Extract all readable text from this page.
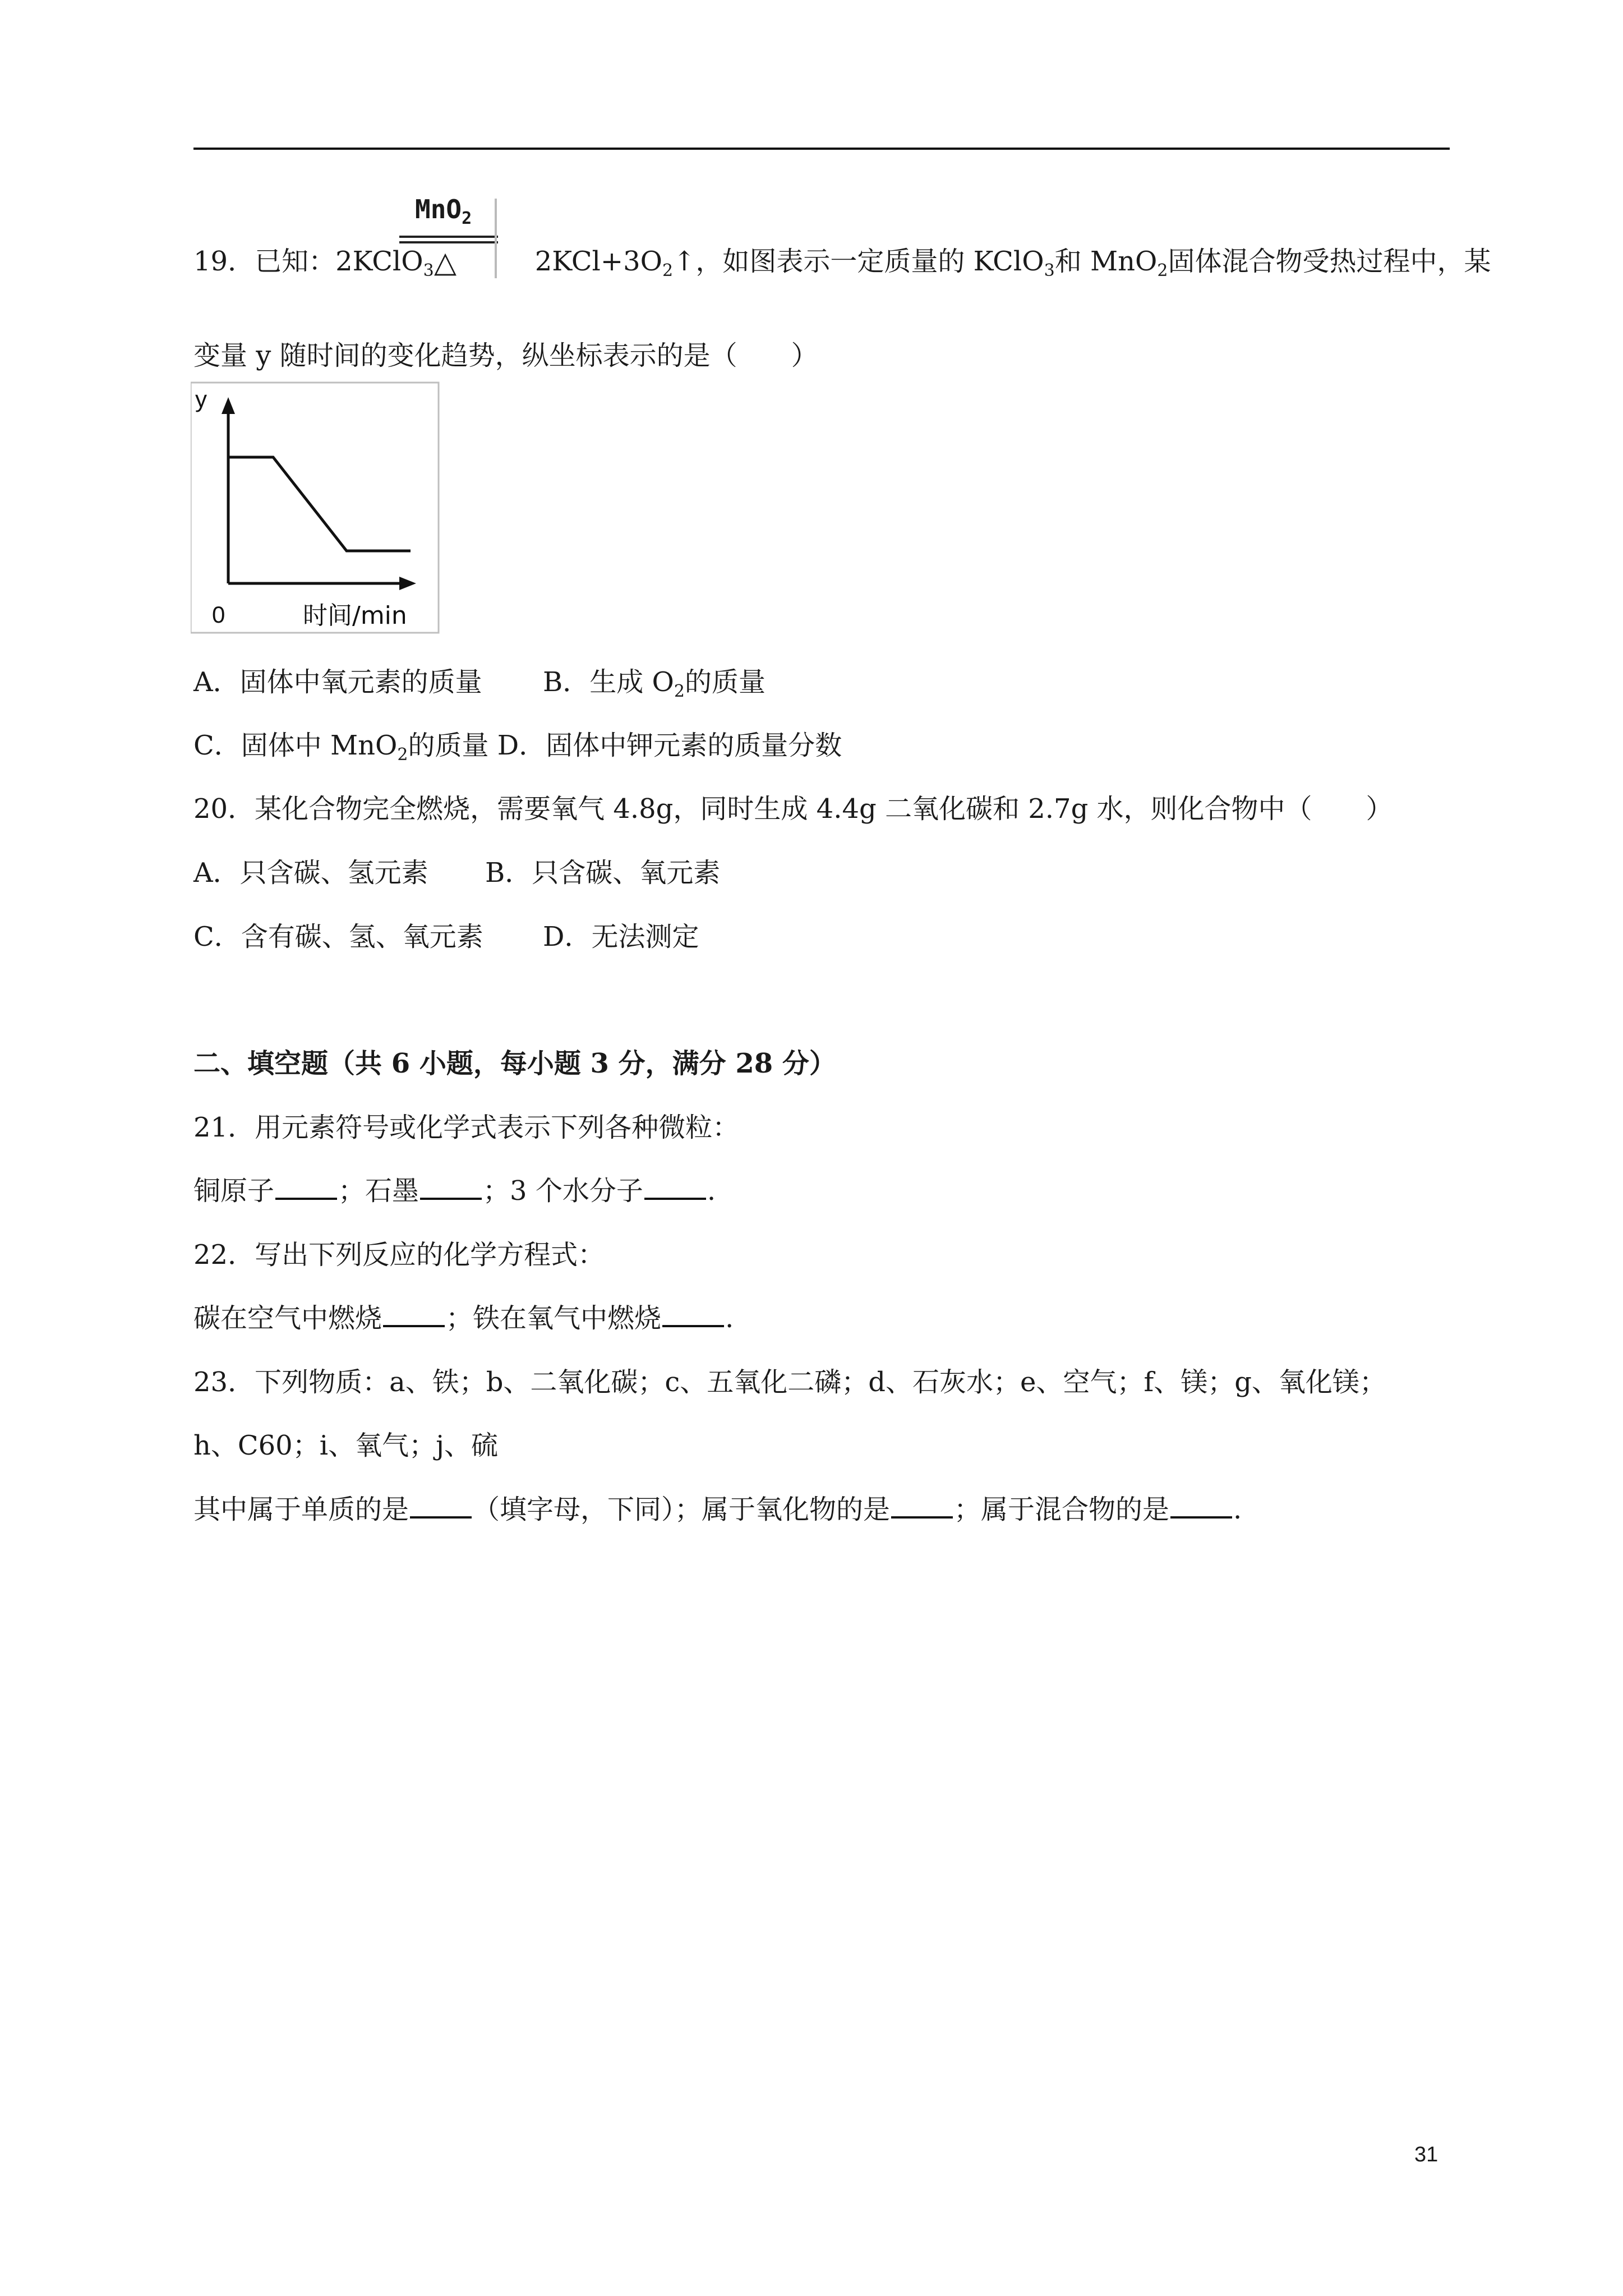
19．已知：2KClO$_3$	$2KCl+3O_2↑$，如图表示一定质量的 KClO$_3$和 MnO$_2$固体混合物受热过程中，某
MnO$_2$
△
变量 y 随时间的变化趋势，纵坐标表示的是（　　）
y
0	时间/min
A．固体中氧元素的质量 B．生成 $O_2$的质量
C．固体中 MnO$_2$的质量 D．固体中钾元素的质量分数
20．某化合物完全燃烧，需要氧气 4.8g，同时生成 4.4g 二氧化碳和 2.7g 水，则化合物中（　　）
A．只含碳、氢元素 B．只含碳、氧元素
C．含有碳、氢、氧元素 D．无法测定
二、填空题（共 6 小题，每小题 3 分，满分 28 分）
21．用元素符号或化学式表示下列各种微粒：
铜原子 ；石墨 ；3 个水分子 .
22．写出下列反应的化学方程式：
碳在空气中燃烧 ；铁在氧气中燃烧 .
23．下列物质：a、铁；b、二氧化碳；c、五氧化二磷；d、石灰水；e、空气；f、镁；g、氧化镁；
h、C60；i、氧气；j、硫
其中属于单质的是 （填字母，下同）；属于氧化物的是 ；属于混合物的是 .
31
